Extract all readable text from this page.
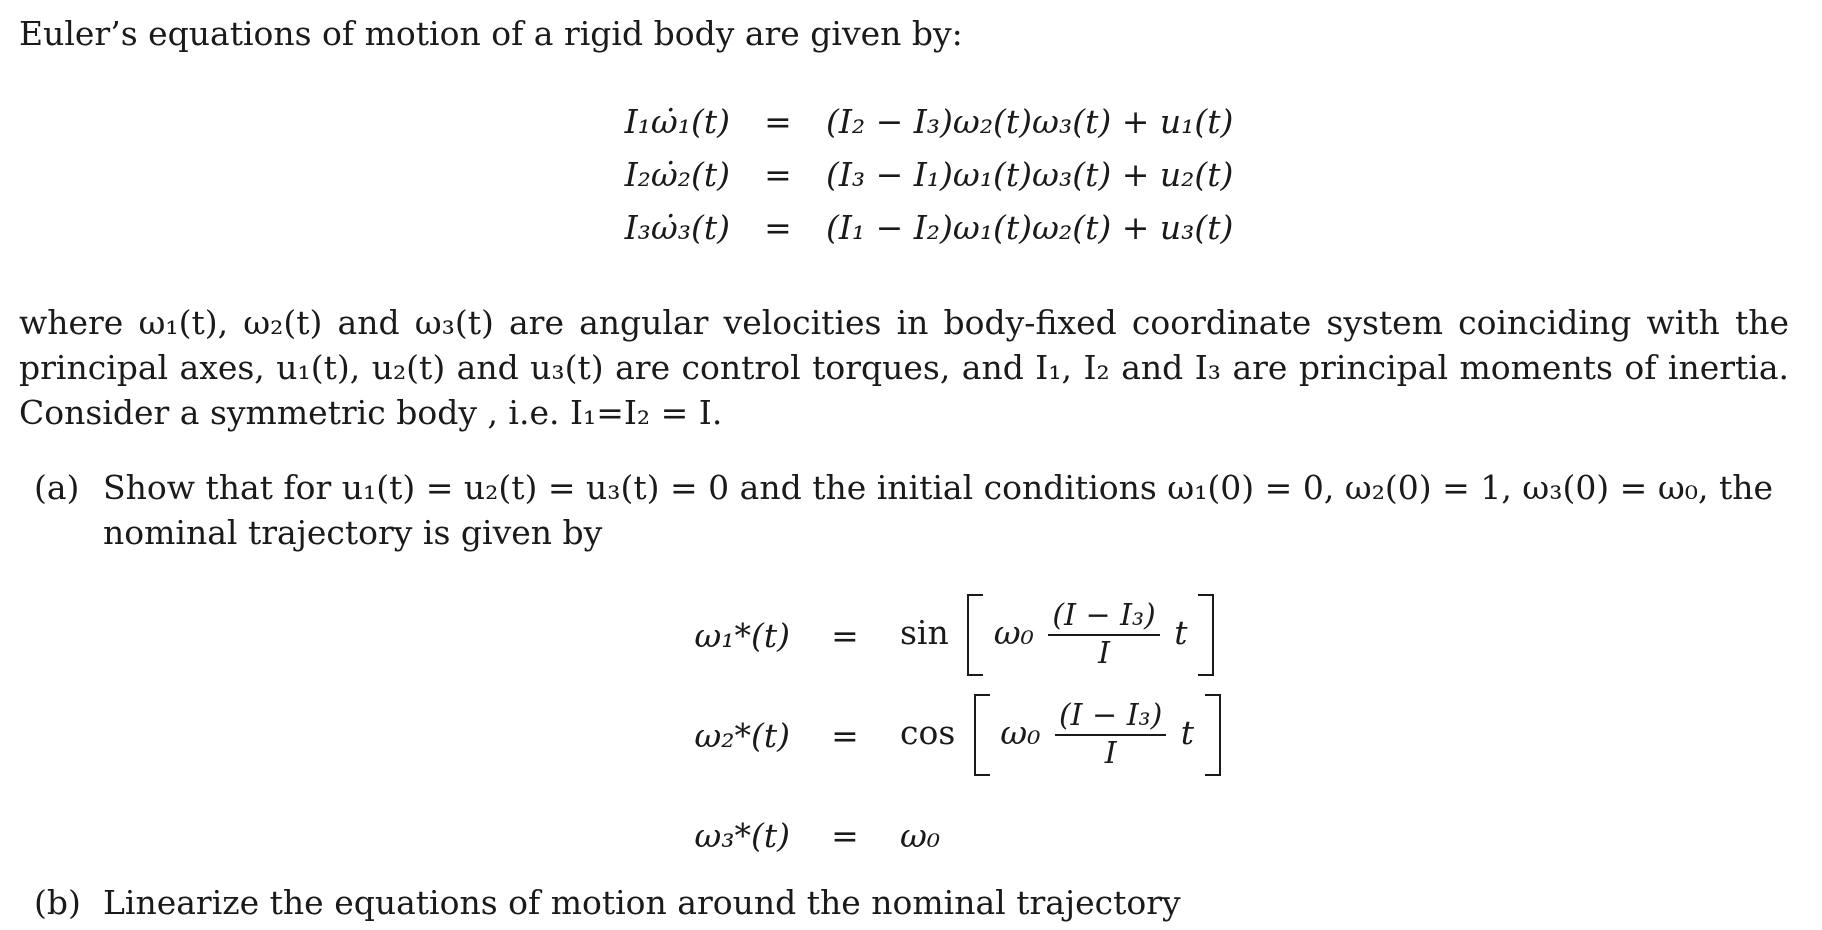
Euler’s equations of motion of a rigid body are given by:
I₁ω̇₁(t)	=	(I₂ − I₃)ω₂(t)ω₃(t) + u₁(t)
I₂ω̇₂(t)	=	(I₃ − I₁)ω₁(t)ω₃(t) + u₂(t)
I₃ω̇₃(t)	=	(I₁ − I₂)ω₁(t)ω₂(t) + u₃(t)
where ω₁(t), ω₂(t) and ω₃(t) are angular velocities in body-fixed coordinate system coinciding with the principal axes, u₁(t), u₂(t) and u₃(t) are control torques, and I₁, I₂ and I₃ are principal moments of inertia. Consider a symmetric body , i.e. I₁=I₂ = I.
(a) Show that for u₁(t) = u₂(t) = u₃(t) = 0 and the initial conditions ω₁(0) = 0, ω₂(0) = 1, ω₃(0) = ω₀, the nominal trajectory is given by
ω₁*(t)	=	$\sin \omega_0 \frac{\text{(I − I₃)}}{I}$ t
ω₂*(t)	=	$\cos \omega_0 \frac{\text{(I − I₃)}}{I}$ t
ω₃*(t)	=	ω₀
(b) Linearize the equations of motion around the nominal trajectory
